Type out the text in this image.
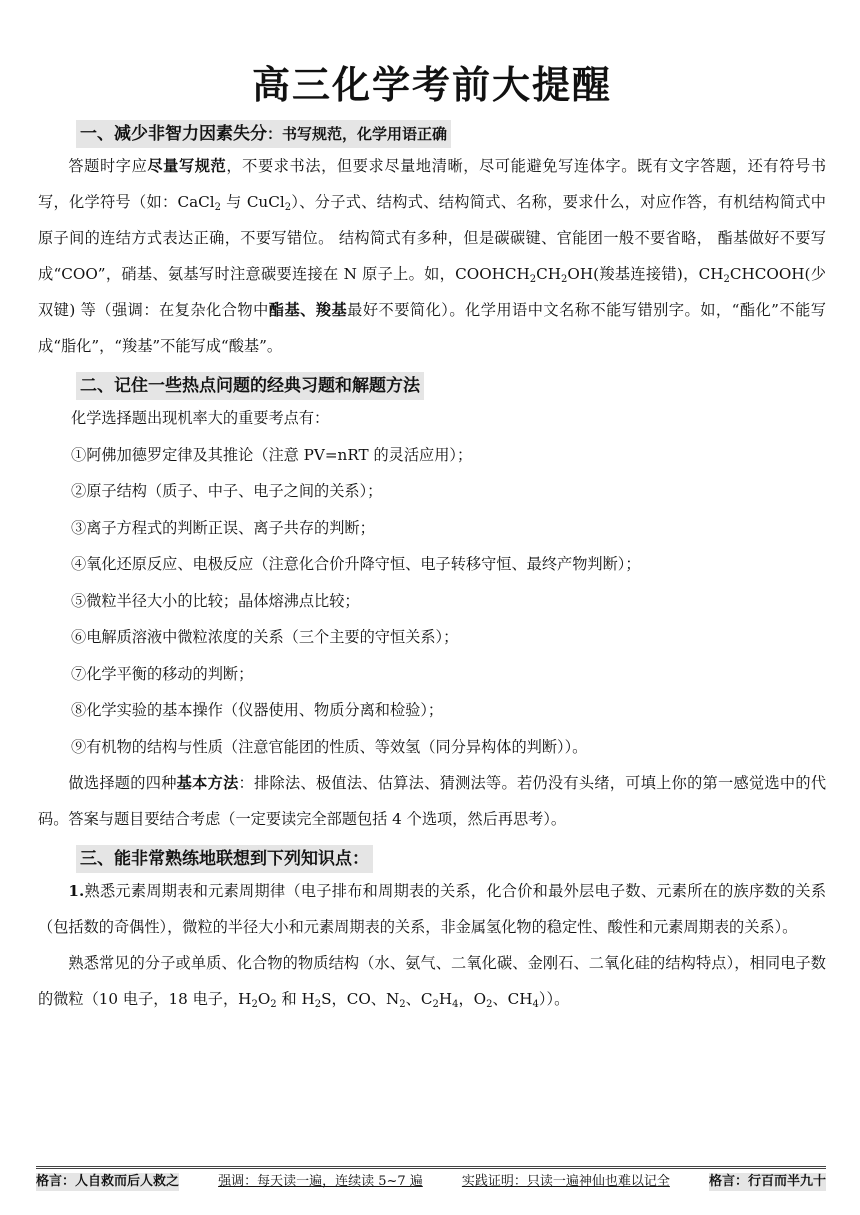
高三化学考前大提醒
一、减少非智力因素失分：书写规范，化学用语正确
答题时字应尽量写规范，不要求书法，但要求尽量地清晰，尽可能避免写连体字。既有文字答题，还有符号书写，化学符号（如：CaCl$_2$ 与 CuCl$_2$）、分子式、结构式、结构简式、名称，要求什么，对应作答，有机结构简式中原子间的连结方式表达正确，不要写错位。 结构简式有多种，但是碳碳键、官能团一般不要省略， 酯基做好不要写成“COO”，硝基、氨基写时注意碳要连接在 N 原子上。如，$COOHCH_2CH_2OH$(羧基连接错)，$CH_2CHCOOH$(少双键) 等（强调：在复杂化合物中酯基、羧基最好不要简化）。化学用语中文名称不能写错别字。如，“酯化”不能写成“脂化”，“羧基”不能写成“酸基”。
二、记住一些热点问题的经典习题和解题方法
化学选择题出现机率大的重要考点有：
①阿佛加德罗定律及其推论（注意 PV=nRT 的灵活应用）；
②原子结构（质子、中子、电子之间的关系）；
③离子方程式的判断正误、离子共存的判断；
④氧化还原反应、电极反应（注意化合价升降守恒、电子转移守恒、最终产物判断）；
⑤微粒半径大小的比较；晶体熔沸点比较；
⑥电解质溶液中微粒浓度的关系（三个主要的守恒关系）；
⑦化学平衡的移动的判断；
⑧化学实验的基本操作（仪器使用、物质分离和检验）；
⑨有机物的结构与性质（注意官能团的性质、等效氢（同分异构体的判断））。
做选择题的四种基本方法：排除法、极值法、估算法、猜测法等。若仍没有头绪，可填上你的第一感觉选中的代码。答案与题目要结合考虑（一定要读完全部题包括 4 个选项，然后再思考）。
三、能非常熟练地联想到下列知识点：
1.熟悉元素周期表和元素周期律（电子排布和周期表的关系，化合价和最外层电子数、元素所在的族序数的关系（包括数的奇偶性），微粒的半径大小和元素周期表的关系，非金属氢化物的稳定性、酸性和元素周期表的关系）。
熟悉常见的分子或单质、化合物的物质结构（水、氨气、二氧化碳、金刚石、二氧化硅的结构特点），相同电子数的微粒（10 电子，18 电子，$H_2O_2$ 和 $H_2S$，CO、$N_2$、$C_2H_4$，$O_2$、$CH_4$））。
格言：人自救而后人救之	强调：每天读一遍，连续读 5~7 遍	实践证明：只读一遍神仙也难以记全	格言：行百而半九十
